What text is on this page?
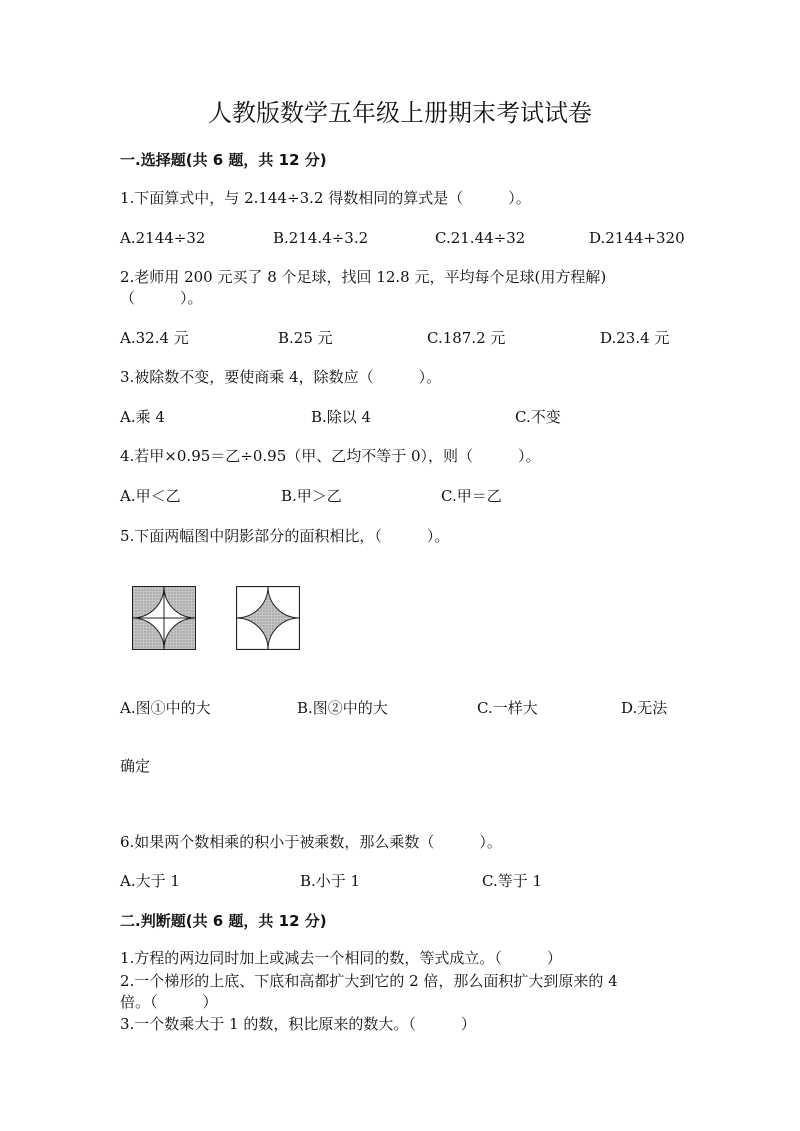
人教版数学五年级上册期末考试试卷
一.选择题(共 6 题，共 12 分)
1.下面算式中，与 2.144÷3.2 得数相同的算式是（　　　）。
A.2144÷32	B.214.4÷3.2	C.21.44÷32	D.2144+320
2.老师用 200 元买了 8 个足球，找回 12.8 元，平均每个足球(用方程解)
（　　　）。
A.32.4 元	B.25 元	C.187.2 元	D.23.4 元
3.被除数不变，要使商乘 4，除数应（　　　）。
A.乘 4	B.除以 4	C.不变
4.若甲×0.95＝乙÷0.95（甲、乙均不等于 0），则（　　　）。
A.甲＜乙	B.甲＞乙	C.甲＝乙
5.下面两幅图中阴影部分的面积相比，（　　　）。
A.图①中的大	B.图②中的大	C.一样大	D.无法
确定
6.如果两个数相乘的积小于被乘数，那么乘数（　　　）。
A.大于 1	B.小于 1	C.等于 1
二.判断题(共 6 题，共 12 分)
1.方程的两边同时加上或减去一个相同的数，等式成立。（　　　）
2.一个梯形的上底、下底和高都扩大到它的 2 倍，那么面积扩大到原来的 4
倍。（　　　）
3.一个数乘大于 1 的数，积比原来的数大。（　　　）
